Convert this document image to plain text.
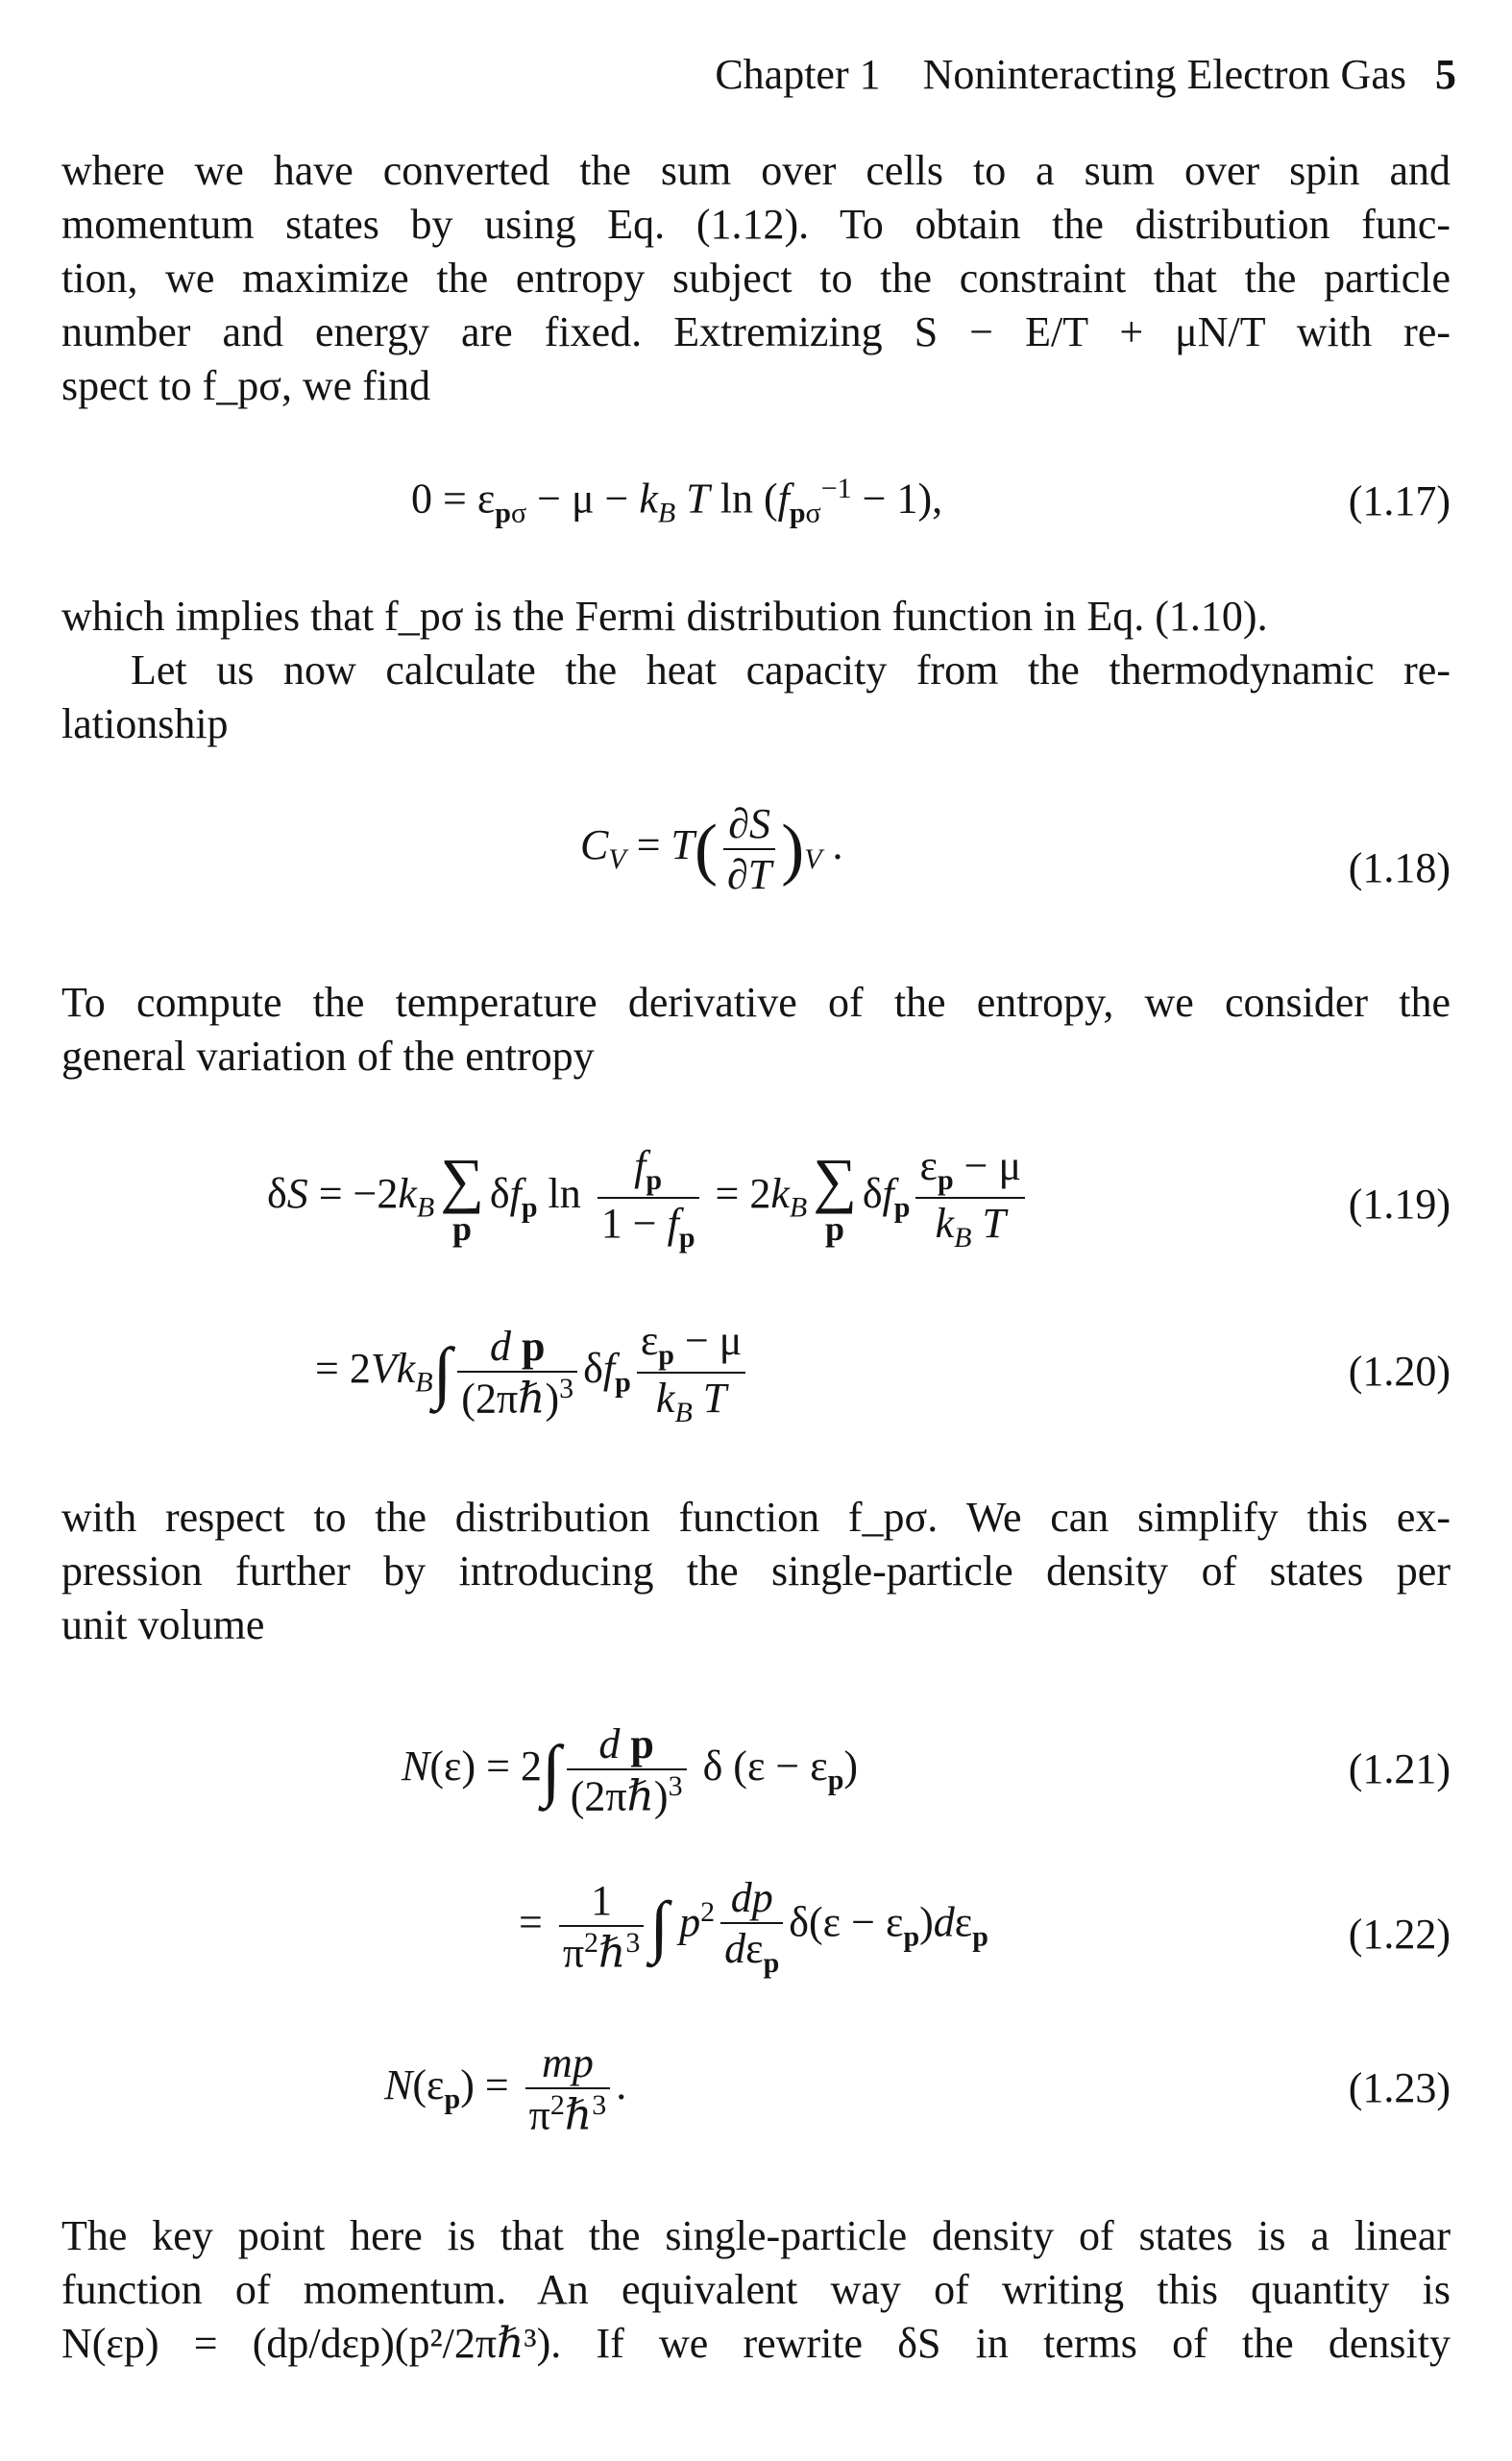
Chapter 1 Noninteracting Electron Gas 5
where we have converted the sum over cells to a sum over spin and
momentum states by using Eq. (1.12). To obtain the distribution func-
tion, we maximize the entropy subject to the constraint that the particle
number and energy are fixed. Extremizing S − E/T + μN/T with re-
spect to f_pσ, we find
$0 = \varepsilon_{p\sigma} - \mu - k_B$ T $\ln (f_{p\sigma}^{-1} - 1)$,	(1.17)
which implies that f_pσ is the Fermi distribution function in Eq. (1.10).
Let us now calculate the heat capacity from the thermodynamic re-
lationship
$C_V = T( \frac{\partial S}{\partial T} )_V$ .	(1.18)
To compute the temperature derivative of the entropy, we consider the
general variation of the entropy
$\delta S = -2k_B$ ∑
p
$\delta f_p$ $\ln \frac{f_p}{1 - f_p} = 2k_B$ ∑
p
$\delta f_p \frac{\varepsilon_p - \mu}{k_B T}$	(1.19)
= $2Vk_B\int \frac{\text{d p}}{(2\pi\hbar)^3} \delta f_p \frac{\varepsilon_p - \mu}{k_B T}$	(1.20)
with respect to the distribution function f_pσ. We can simplify this ex-
pression further by introducing the single-particle density of states per
unit volume
$N(\varepsilon) = 2\int \frac{\text{d p}}{(2\pi\hbar)^3}$ δ $(\varepsilon - \varepsilon_p)$	(1.21)
= $\frac{1}{\pi^2\hbar^3}$ ∫ $p^2 \frac{dp}{d\varepsilon_p} \delta(\varepsilon - \varepsilon_p)d\varepsilon_p$	(1.22)
$N(\varepsilon_p) = \frac{mp}{\pi^2\hbar^3}$ .	(1.23)
The key point here is that the single-particle density of states is a linear
function of momentum. An equivalent way of writing this quantity is
N(εp) = (dp/dεp)(p²/2πℏ³). If we rewrite δS in terms of the density
